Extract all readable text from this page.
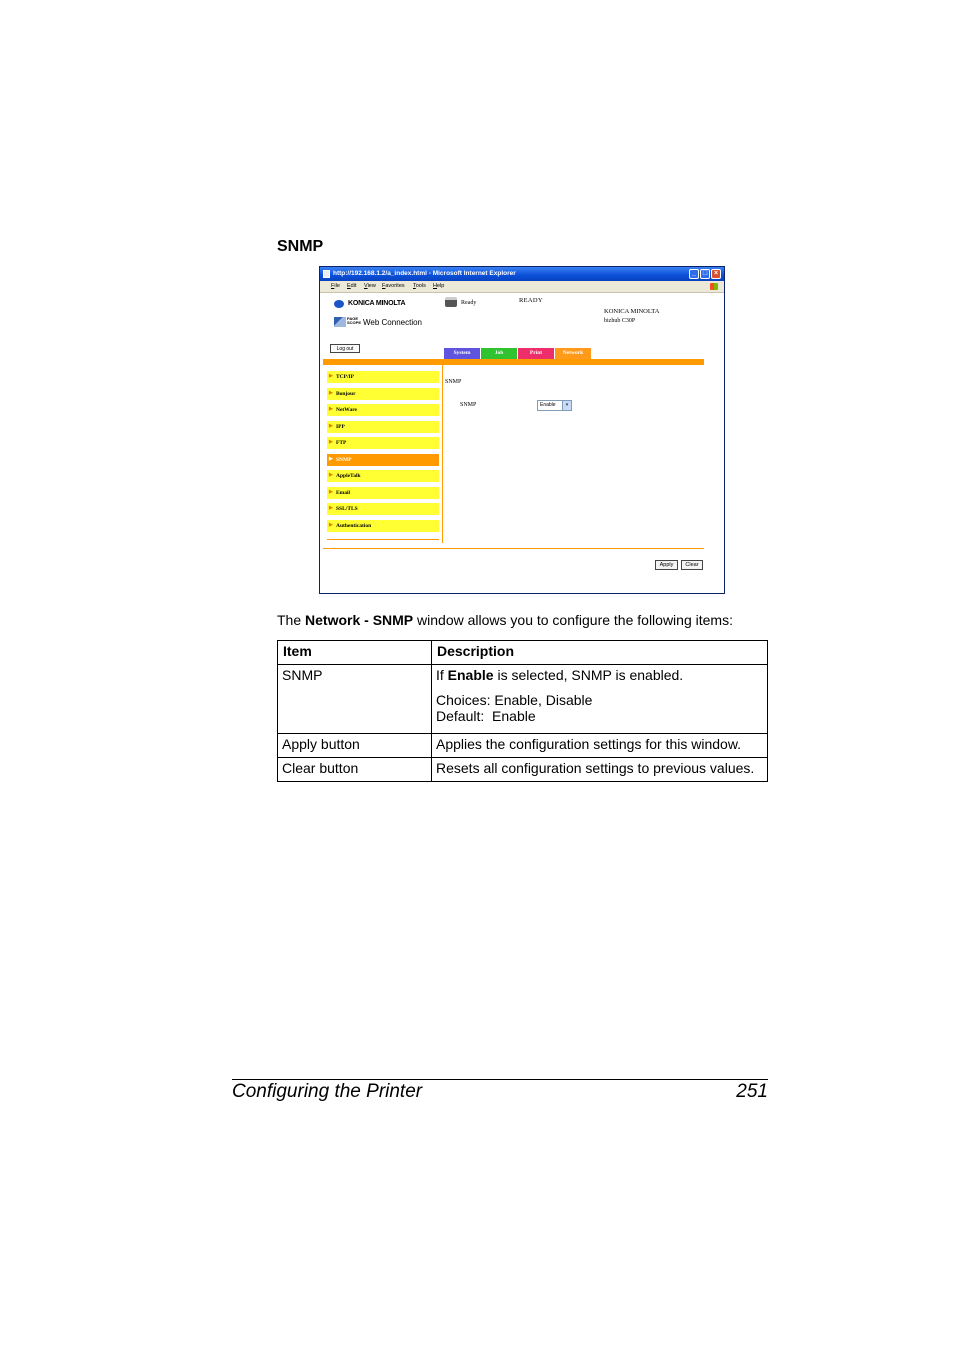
SNMP
http://192.168.1.2/a_index.html - Microsoft Internet Explorer	_ □ ×
File Edit View Favorites Tools Help
KONICA MINOLTA
PAGE
SCOPE Web Connection
Ready	READY
KONICA MINOLTA
bizhub C30P
Log out
System	Job	Print	Network
▶ TCP/IP
▶ Bonjour
▶ NetWare
▶ IPP
▶ FTP
▶ SNMP
▶ AppleTalk
▶ Email
▶ SSL/TLS
▶ Authentication
SNMP
SNMP	Enable	▾
Apply	Clear
The Network - SNMP window allows you to configure the following items:
Item	Description
SNMP	If Enable is selected, SNMP is enabled.
Choices: Enable, Disable
Default:  Enable
Apply button	Applies the configuration settings for this window.
Clear button	Resets all configuration settings to previous values.
Configuring the Printer	251
